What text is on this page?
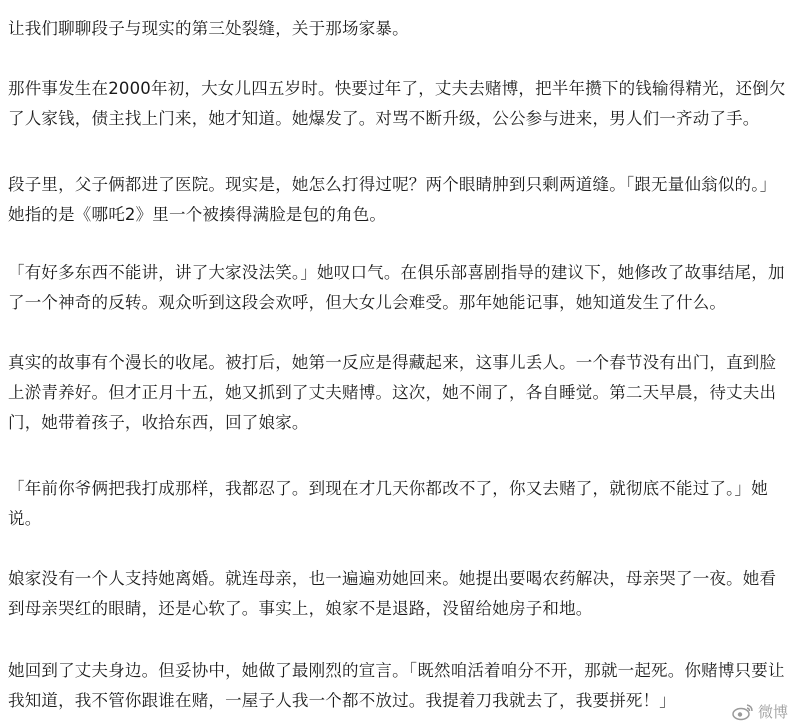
让我们聊聊段子与现实的第三处裂缝，关于那场家暴。

那件事发生在2000年初，大女儿四五岁时。快要过年了，丈夫去赌博，把半年攒下的钱输得精光，还倒欠了人家钱，债主找上门来，她才知道。她爆发了。对骂不断升级，公公参与进来，男人们一齐动了手。

段子里，父子俩都进了医院。现实是，她怎么打得过呢？两个眼睛肿到只剩两道缝。「跟无量仙翁似的。」她指的是《哪吒2》里一个被揍得满脸是包的角色。

「有好多东西不能讲，讲了大家没法笑。」她叹口气。在俱乐部喜剧指导的建议下，她修改了故事结尾，加了一个神奇的反转。观众听到这段会欢呼，但大女儿会难受。那年她能记事，她知道发生了什么。

真实的故事有个漫长的收尾。被打后，她第一反应是得藏起来，这事儿丢人。一个春节没有出门，直到脸上淤青养好。但才正月十五，她又抓到了丈夫赌博。这次，她不闹了，各自睡觉。第二天早晨，待丈夫出门，她带着孩子，收拾东西，回了娘家。

「年前你爷俩把我打成那样，我都忍了。到现在才几天你都改不了，你又去赌了，就彻底不能过了。」她说。

娘家没有一个人支持她离婚。就连母亲，也一遍遍劝她回来。她提出要喝农药解决，母亲哭了一夜。她看到母亲哭红的眼睛，还是心软了。事实上，娘家不是退路，没留给她房子和地。

她回到了丈夫身边。但妥协中，她做了最刚烈的宣言。「既然咱活着咱分不开，那就一起死。你赌博只要让我知道，我不管你跟谁在赌，一屋子人我一个都不放过。我提着刀我就去了，我要拼死！」

微博
